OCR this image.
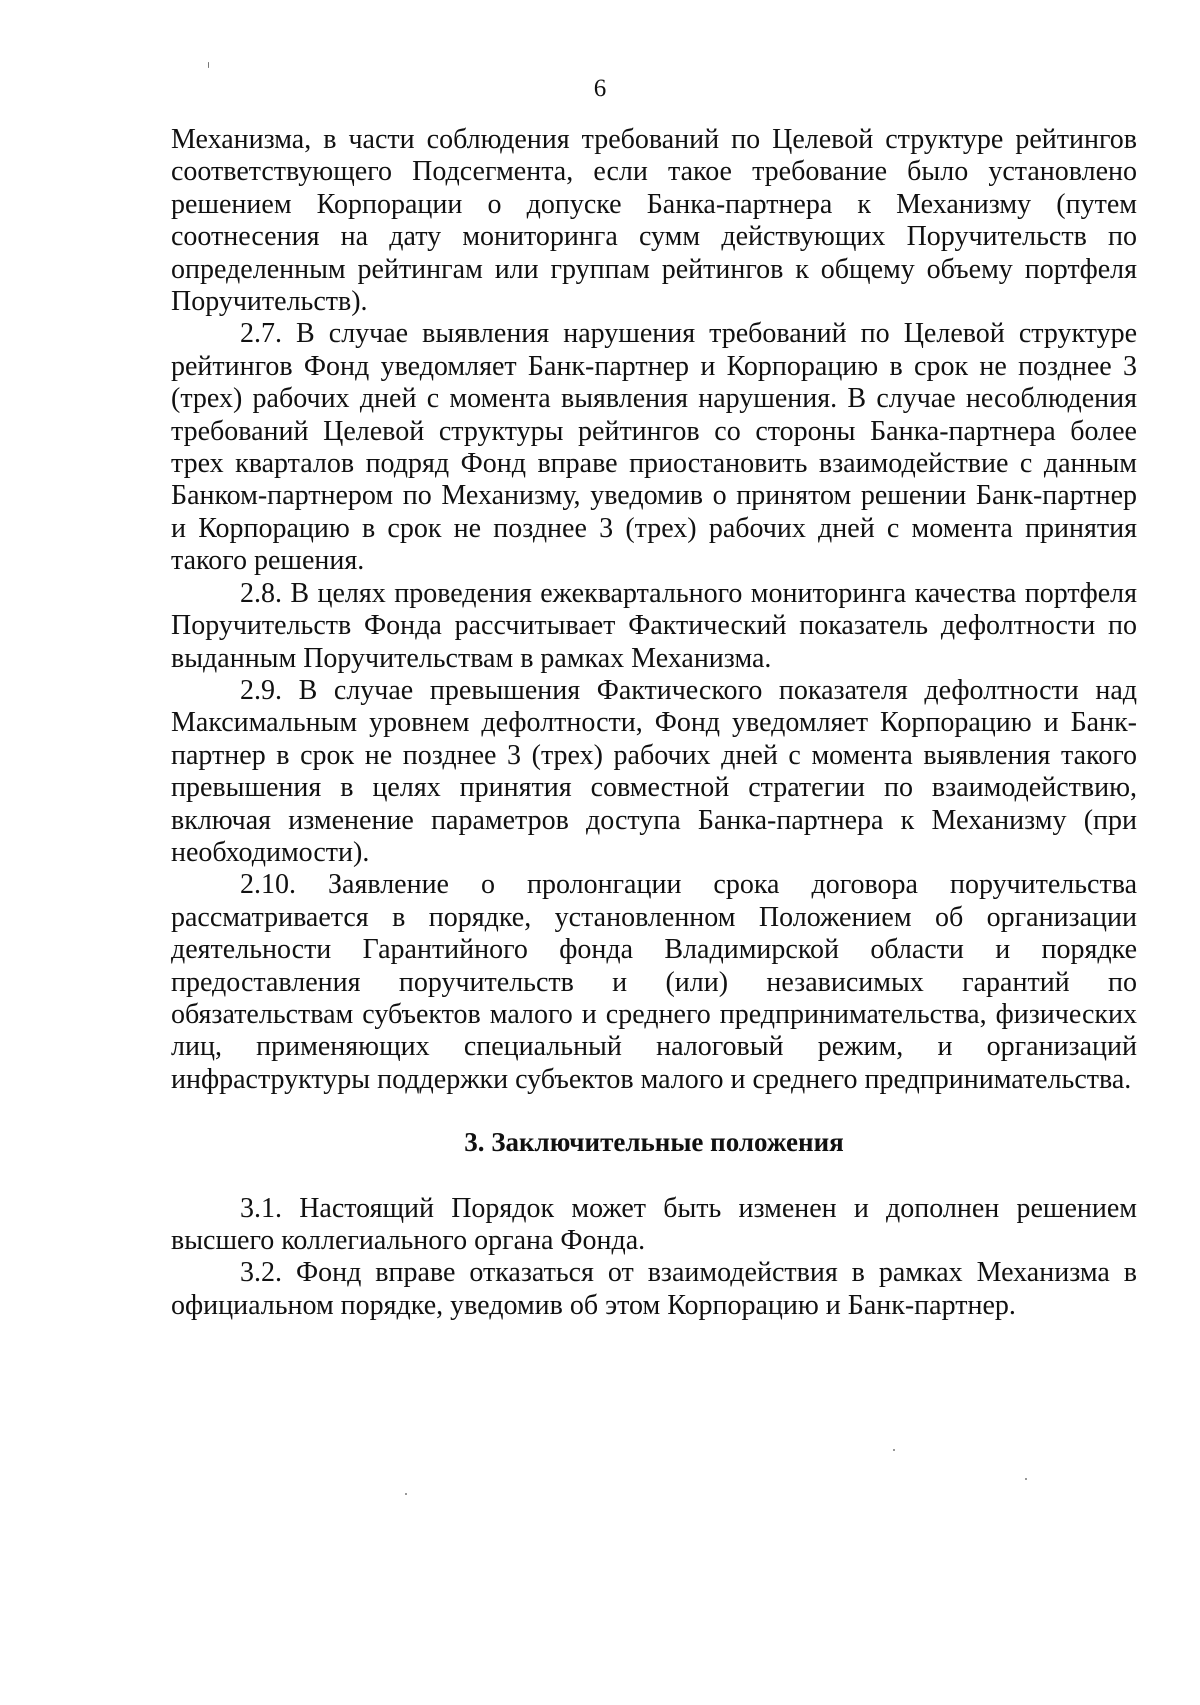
6

Механизма, в части соблюдения требований по Целевой структуре рейтингов соответствующего Подсегмента, если такое требование было установлено решением Корпорации о допуске Банка-партнера к Механизму (путем соотнесения на дату мониторинга сумм действующих Поручительств по определенным рейтингам или группам рейтингов к общему объему портфеля Поручительств).

2.7. В случае выявления нарушения требований по Целевой структуре рейтингов Фонд уведомляет Банк-партнер и Корпорацию в срок не позднее 3 (трех) рабочих дней с момента выявления нарушения. В случае несоблюдения требований Целевой структуры рейтингов со стороны Банка-партнера более трех кварталов подряд Фонд вправе приостановить взаимодействие с данным Банком-партнером по Механизму, уведомив о принятом решении Банк-партнер и Корпорацию в срок не позднее 3 (трех) рабочих дней с момента принятия такого решения.

2.8. В целях проведения ежеквартального мониторинга качества портфеля Поручительств Фонда рассчитывает Фактический показатель дефолтности по выданным Поручительствам в рамках Механизма.

2.9. В случае превышения Фактического показателя дефолтности над Максимальным уровнем дефолтности, Фонд уведомляет Корпорацию и Банк-партнер в срок не позднее 3 (трех) рабочих дней с момента выявления такого превышения в целях принятия совместной стратегии по взаимодействию, включая изменение параметров доступа Банка-партнера к Механизму (при необходимости).

2.10. Заявление о пролонгации срока договора поручительства рассматривается в порядке, установленном Положением об организации деятельности Гарантийного фонда Владимирской области и порядке предоставления поручительств и (или) независимых гарантий по обязательствам субъектов малого и среднего предпринимательства, физических лиц, применяющих специальный налоговый режим, и организаций инфраструктуры поддержки субъектов малого и среднего предпринимательства.

3. Заключительные положения

3.1. Настоящий Порядок может быть изменен и дополнен решением высшего коллегиального органа Фонда.

3.2. Фонд вправе отказаться от взаимодействия в рамках Механизма в официальном порядке, уведомив об этом Корпорацию и Банк-партнер.
